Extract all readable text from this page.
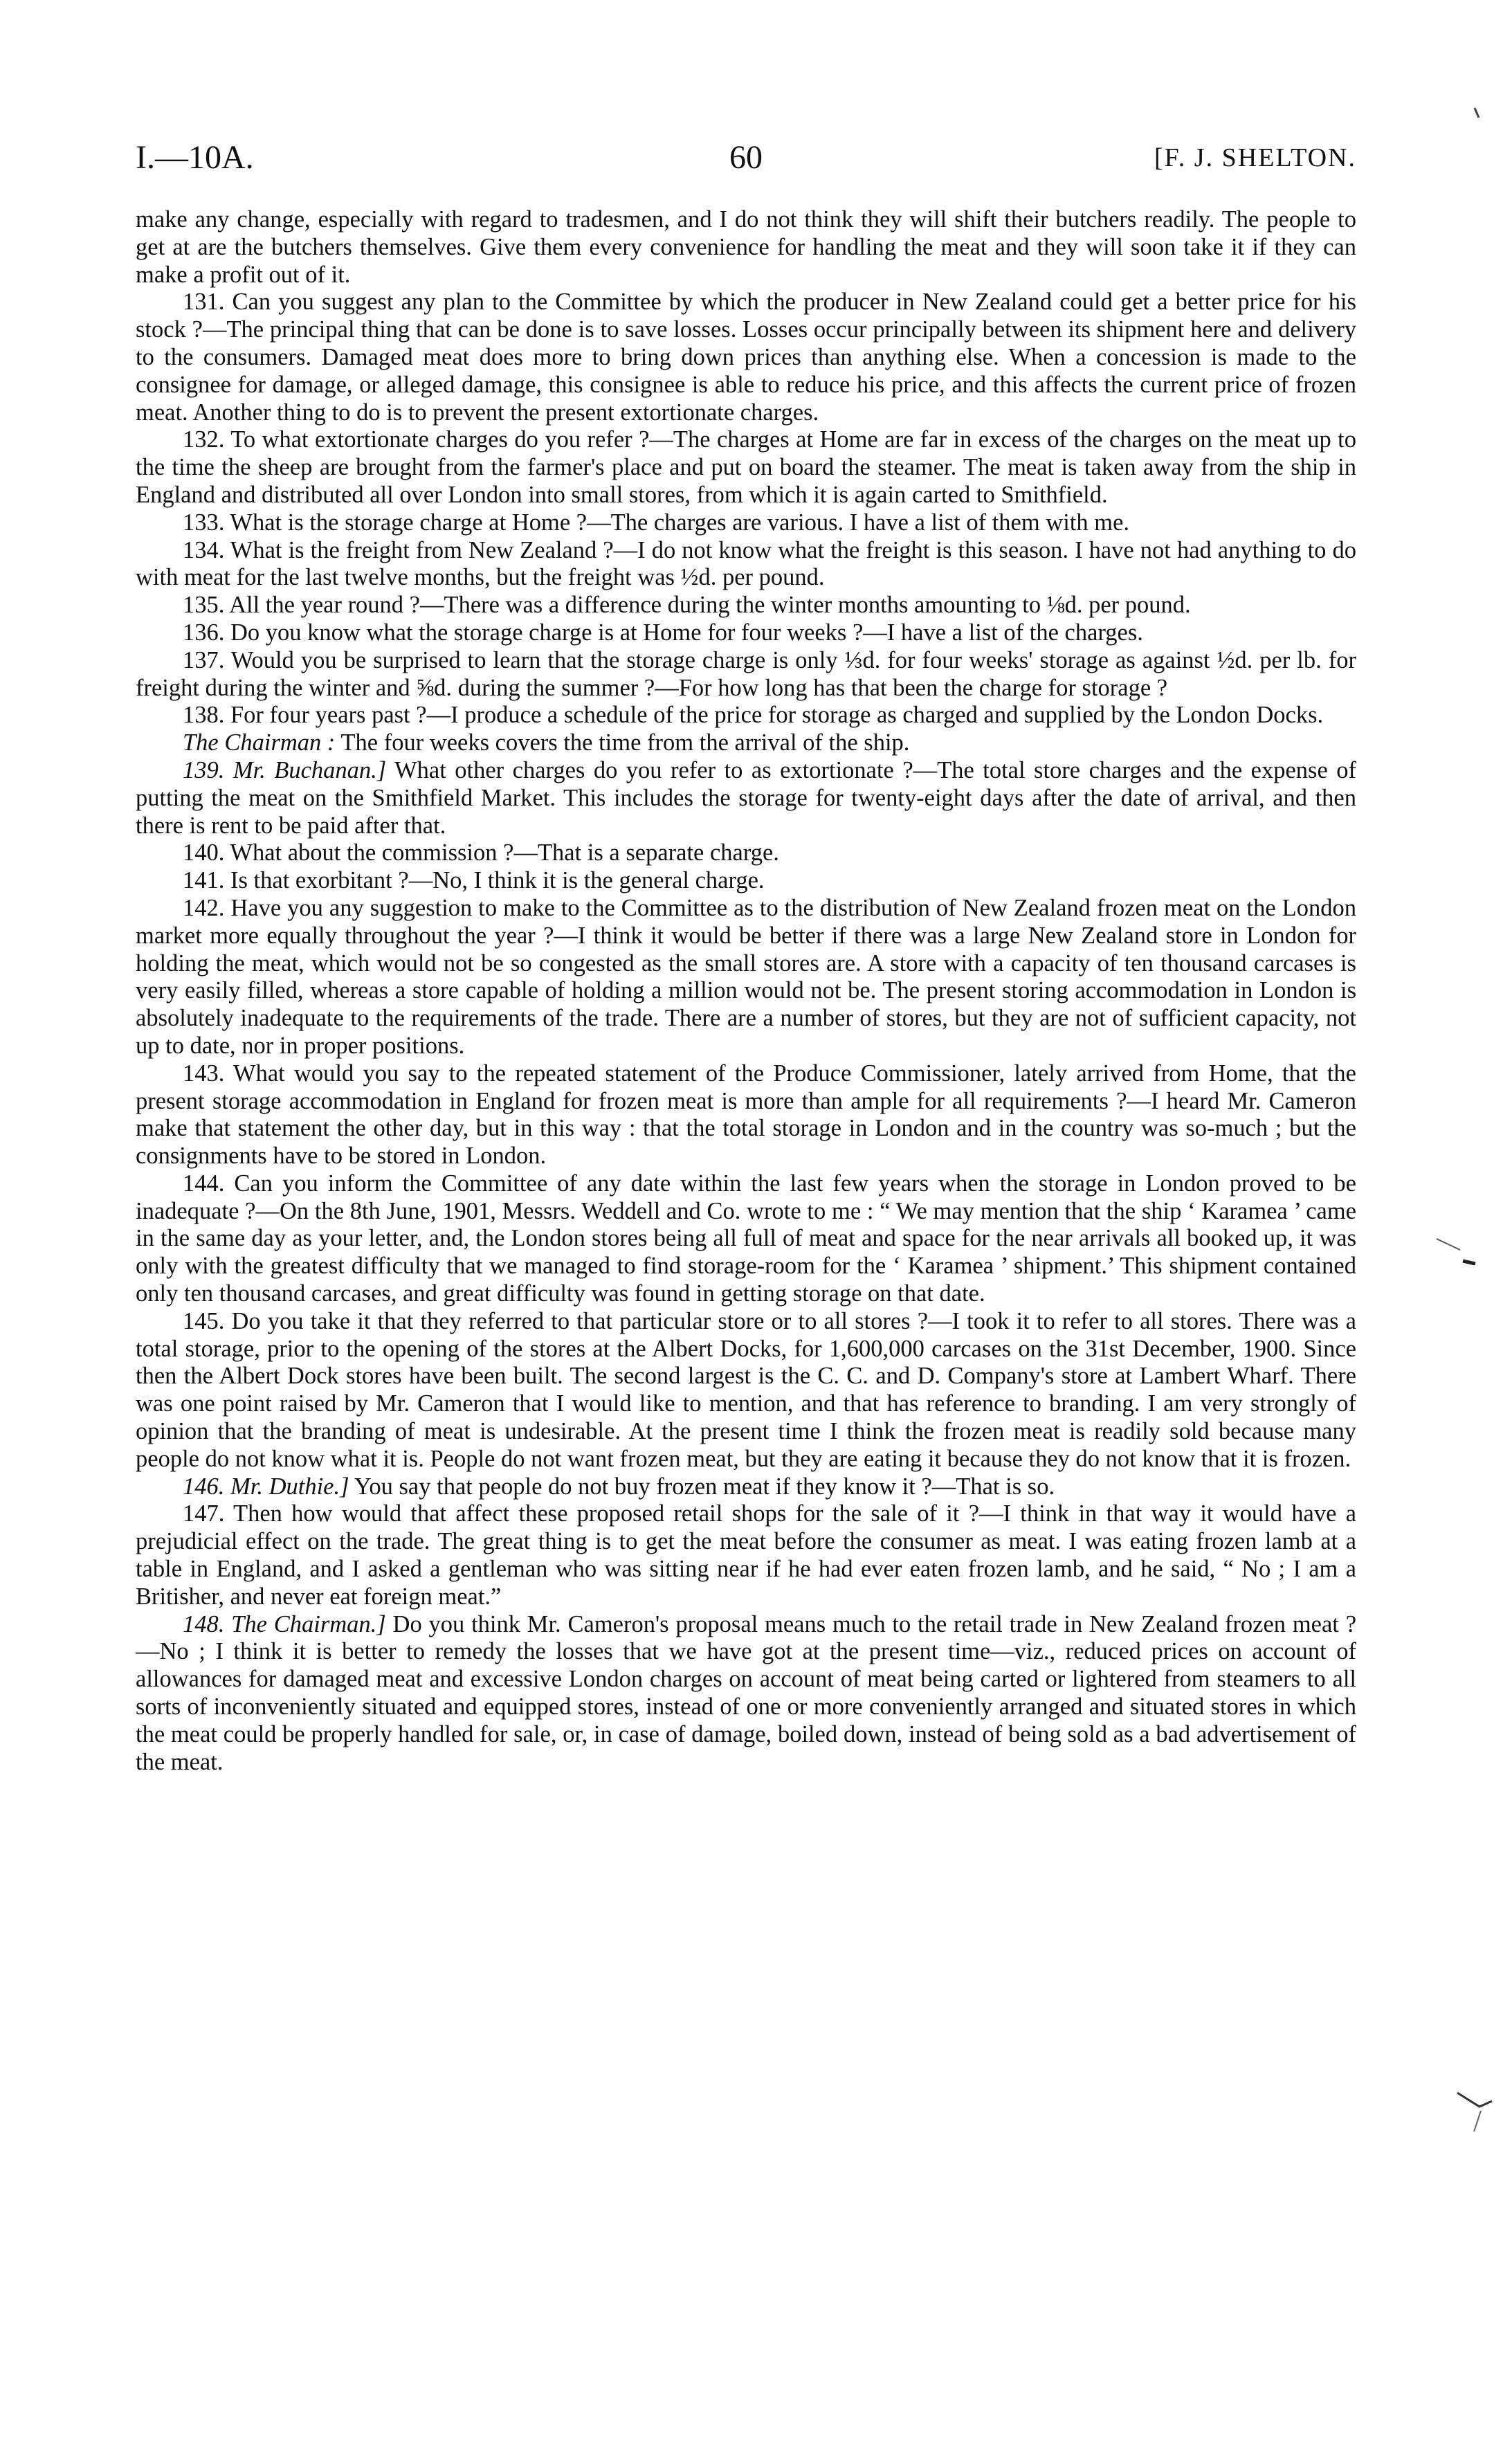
I.—10A.	60	[F. J. SHELTON.

make any change, especially with regard to tradesmen, and I do not think they will shift their butchers readily. The people to get at are the butchers themselves. Give them every convenience for handling the meat and they will soon take it if they can make a profit out of it.

131. Can you suggest any plan to the Committee by which the producer in New Zealand could get a better price for his stock ?—The principal thing that can be done is to save losses. Losses occur principally between its shipment here and delivery to the consumers. Damaged meat does more to bring down prices than anything else. When a concession is made to the consignee for damage, or alleged damage, this consignee is able to reduce his price, and this affects the current price of frozen meat. Another thing to do is to prevent the present extortionate charges.

132. To what extortionate charges do you refer ?—The charges at Home are far in excess of the charges on the meat up to the time the sheep are brought from the farmer's place and put on board the steamer. The meat is taken away from the ship in England and distributed all over London into small stores, from which it is again carted to Smithfield.

133. What is the storage charge at Home ?—The charges are various. I have a list of them with me.

134. What is the freight from New Zealand ?—I do not know what the freight is this season. I have not had anything to do with meat for the last twelve months, but the freight was ½d. per pound.

135. All the year round ?—There was a difference during the winter months amounting to ⅛d. per pound.

136. Do you know what the storage charge is at Home for four weeks ?—I have a list of the charges.

137. Would you be surprised to learn that the storage charge is only ⅓d. for four weeks' storage as against ½d. per lb. for freight during the winter and ⅝d. during the summer ?—For how long has that been the charge for storage ?

138. For four years past ?—I produce a schedule of the price for storage as charged and supplied by the London Docks.

The Chairman : The four weeks covers the time from the arrival of the ship.

139. Mr. Buchanan.] What other charges do you refer to as extortionate ?—The total store charges and the expense of putting the meat on the Smithfield Market. This includes the storage for twenty-eight days after the date of arrival, and then there is rent to be paid after that.

140. What about the commission ?—That is a separate charge.

141. Is that exorbitant ?—No, I think it is the general charge.

142. Have you any suggestion to make to the Committee as to the distribution of New Zealand frozen meat on the London market more equally throughout the year ?—I think it would be better if there was a large New Zealand store in London for holding the meat, which would not be so congested as the small stores are. A store with a capacity of ten thousand carcases is very easily filled, whereas a store capable of holding a million would not be. The present storing accommodation in London is absolutely inadequate to the requirements of the trade. There are a number of stores, but they are not of sufficient capacity, not up to date, nor in proper positions.

143. What would you say to the repeated statement of the Produce Commissioner, lately arrived from Home, that the present storage accommodation in England for frozen meat is more than ample for all requirements ?—I heard Mr. Cameron make that statement the other day, but in this way : that the total storage in London and in the country was so-much ; but the consignments have to be stored in London.

144. Can you inform the Committee of any date within the last few years when the storage in London proved to be inadequate ?—On the 8th June, 1901, Messrs. Weddell and Co. wrote to me : “ We may mention that the ship ‘ Karamea ’ came in the same day as your letter, and, the London stores being all full of meat and space for the near arrivals all booked up, it was only with the greatest difficulty that we managed to find storage-room for the ‘ Karamea ’ shipment.’ This shipment contained only ten thousand carcases, and great difficulty was found in getting storage on that date.

145. Do you take it that they referred to that particular store or to all stores ?—I took it to refer to all stores. There was a total storage, prior to the opening of the stores at the Albert Docks, for 1,600,000 carcases on the 31st December, 1900. Since then the Albert Dock stores have been built. The second largest is the C. C. and D. Company's store at Lambert Wharf. There was one point raised by Mr. Cameron that I would like to mention, and that has reference to branding. I am very strongly of opinion that the branding of meat is undesirable. At the present time I think the frozen meat is readily sold because many people do not know what it is. People do not want frozen meat, but they are eating it because they do not know that it is frozen.

146. Mr. Duthie.] You say that people do not buy frozen meat if they know it ?—That is so.

147. Then how would that affect these proposed retail shops for the sale of it ?—I think in that way it would have a prejudicial effect on the trade. The great thing is to get the meat before the consumer as meat. I was eating frozen lamb at a table in England, and I asked a gentleman who was sitting near if he had ever eaten frozen lamb, and he said, “ No ; I am a Britisher, and never eat foreign meat.”

148. The Chairman.] Do you think Mr. Cameron's proposal means much to the retail trade in New Zealand frozen meat ?—No ; I think it is better to remedy the losses that we have got at the present time—viz., reduced prices on account of allowances for damaged meat and excessive London charges on account of meat being carted or lightered from steamers to all sorts of inconveniently situated and equipped stores, instead of one or more conveniently arranged and situated stores in which the meat could be properly handled for sale, or, in case of damage, boiled down, instead of being sold as a bad advertisement of the meat.
